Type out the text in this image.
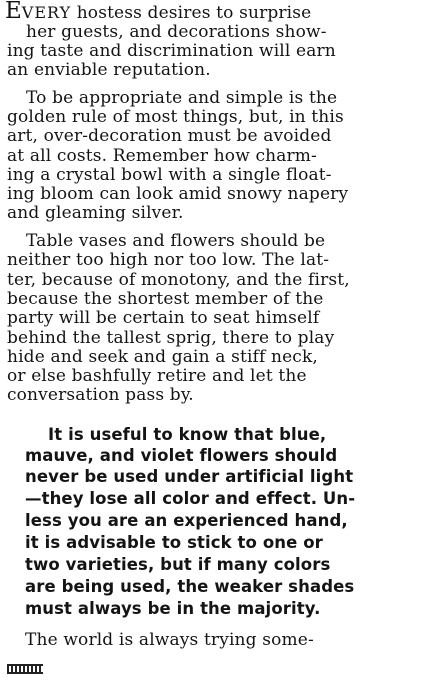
EVERY hostess desires to surprise
her guests, and decorations show-
ing taste and discrimination will earn
an enviable reputation.
To be appropriate and simple is the
golden rule of most things, but, in this
art, over-decoration must be avoided
at all costs. Remember how charm-
ing a crystal bowl with a single float-
ing bloom can look amid snowy napery
and gleaming silver.
Table vases and flowers should be
neither too high nor too low. The lat-
ter, because of monotony, and the first,
because the shortest member of the
party will be certain to seat himself
behind the tallest sprig, there to play
hide and seek and gain a stiff neck,
or else bashfully retire and let the
conversation pass by.
It is useful to know that blue,
mauve, and violet flowers should
never be used under artificial light
—they lose all color and effect. Un-
less you are an experienced hand,
it is advisable to stick to one or
two varieties, but if many colors
are being used, the weaker shades
must always be in the majority.
The world is always trying some-
